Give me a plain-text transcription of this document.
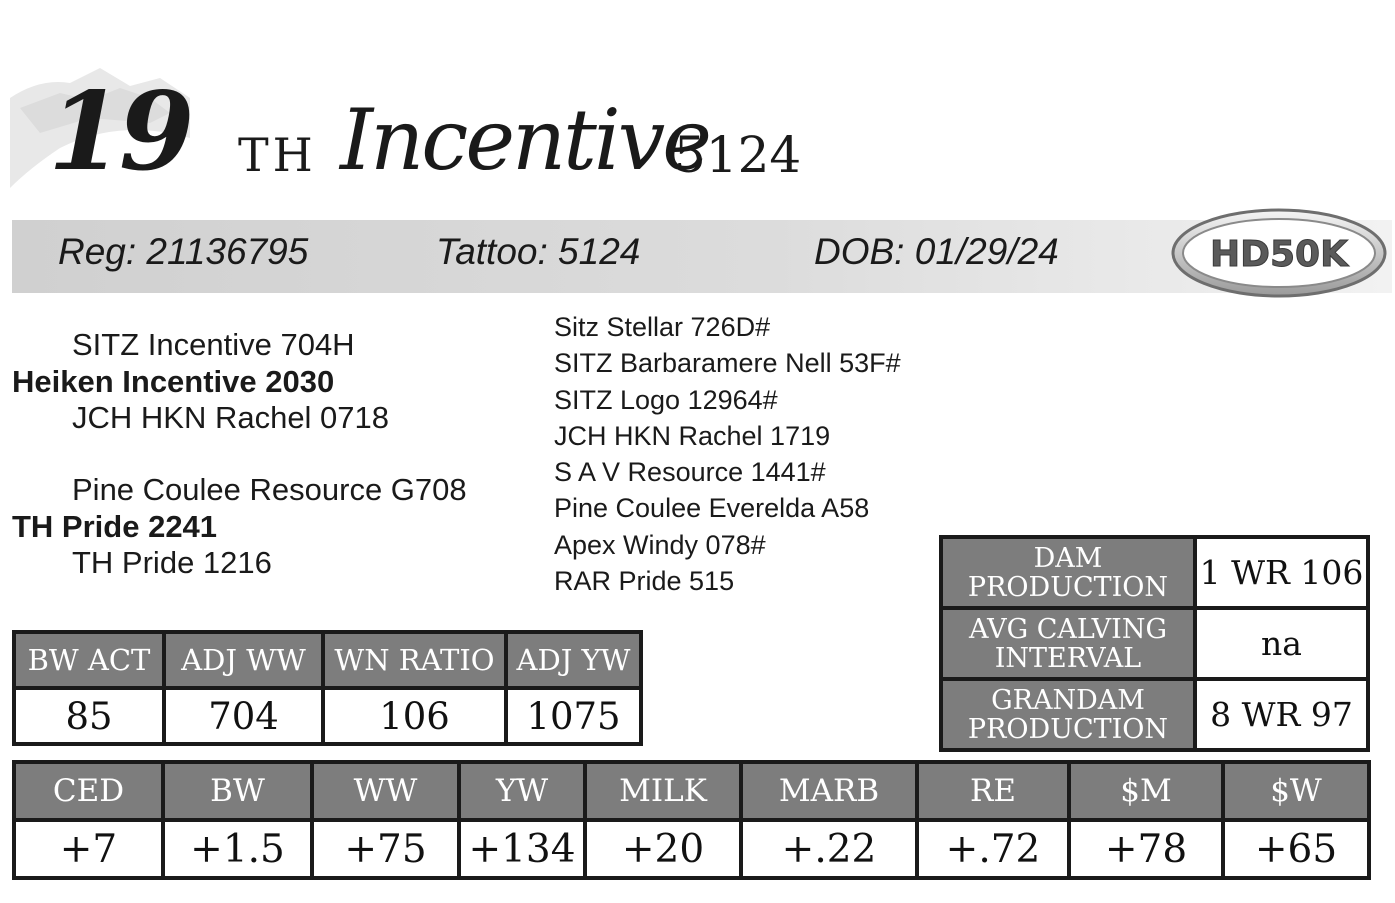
19 TH Incentive
5124
Reg: 21136795	Tattoo: 5124	DOB: 01/29/24	HD50K
SITZ Incentive 704H
Heiken Incentive 2030
JCH HKN Rachel 0718
Pine Coulee Resource G708
TH Pride 2241
TH Pride 1216
Sitz Stellar 726D#
SITZ Barbaramere Nell 53F#
SITZ Logo 12964#
JCH HKN Rachel 1719
S A V Resource 1441#
Pine Coulee Everelda A58
Apex Windy 078#
RAR Pride 515
DAM
PRODUCTION	1 WR 106
AVG CALVING
INTERVAL	na
GRANDAM
PRODUCTION	8 WR 97
BW ACT	ADJ WW	WN RATIO	ADJ YW
85	704	106	1075
CED	BW	WW	YW	MILK	MARB	RE	$M	$W
+7	+1.5	+75	+134	+20	+.22	+.72	+78	+65
